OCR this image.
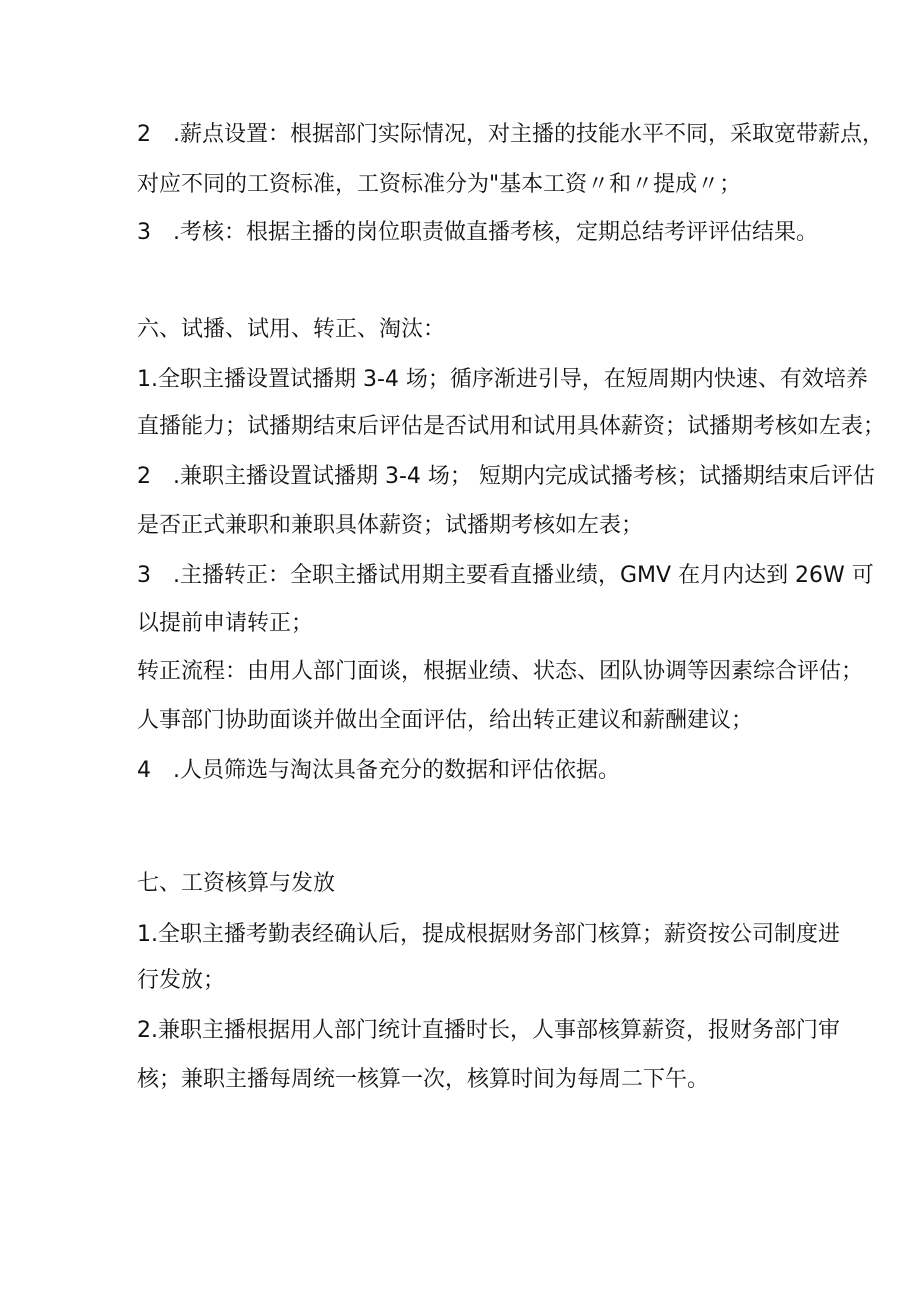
2　.薪点设置：根据部门实际情况，对主播的技能水平不同，采取宽带薪点，
对应不同的工资标准，工资标准分为"基本工资〃和〃提成〃；
3　.考核：根据主播的岗位职责做直播考核，定期总结考评评估结果。
六、试播、试用、转正、淘汰：
1.全职主播设置试播期 3-4 场；循序渐进引导，在短周期内快速、有效培养
直播能力；试播期结束后评估是否试用和试用具体薪资；试播期考核如左表；
2　.兼职主播设置试播期 3-4 场； 短期内完成试播考核；试播期结束后评估
是否正式兼职和兼职具体薪资；试播期考核如左表；
3　.主播转正：全职主播试用期主要看直播业绩，GMV 在月内达到 26W 可
以提前申请转正；
转正流程：由用人部门面谈，根据业绩、状态、团队协调等因素综合评估；
人事部门协助面谈并做出全面评估，给出转正建议和薪酬建议；
4　.人员筛选与淘汰具备充分的数据和评估依据。
七、工资核算与发放
1.全职主播考勤表经确认后，提成根据财务部门核算；薪资按公司制度进
行发放；
2.兼职主播根据用人部门统计直播时长，人事部核算薪资，报财务部门审
核；兼职主播每周统一核算一次，核算时间为每周二下午。
